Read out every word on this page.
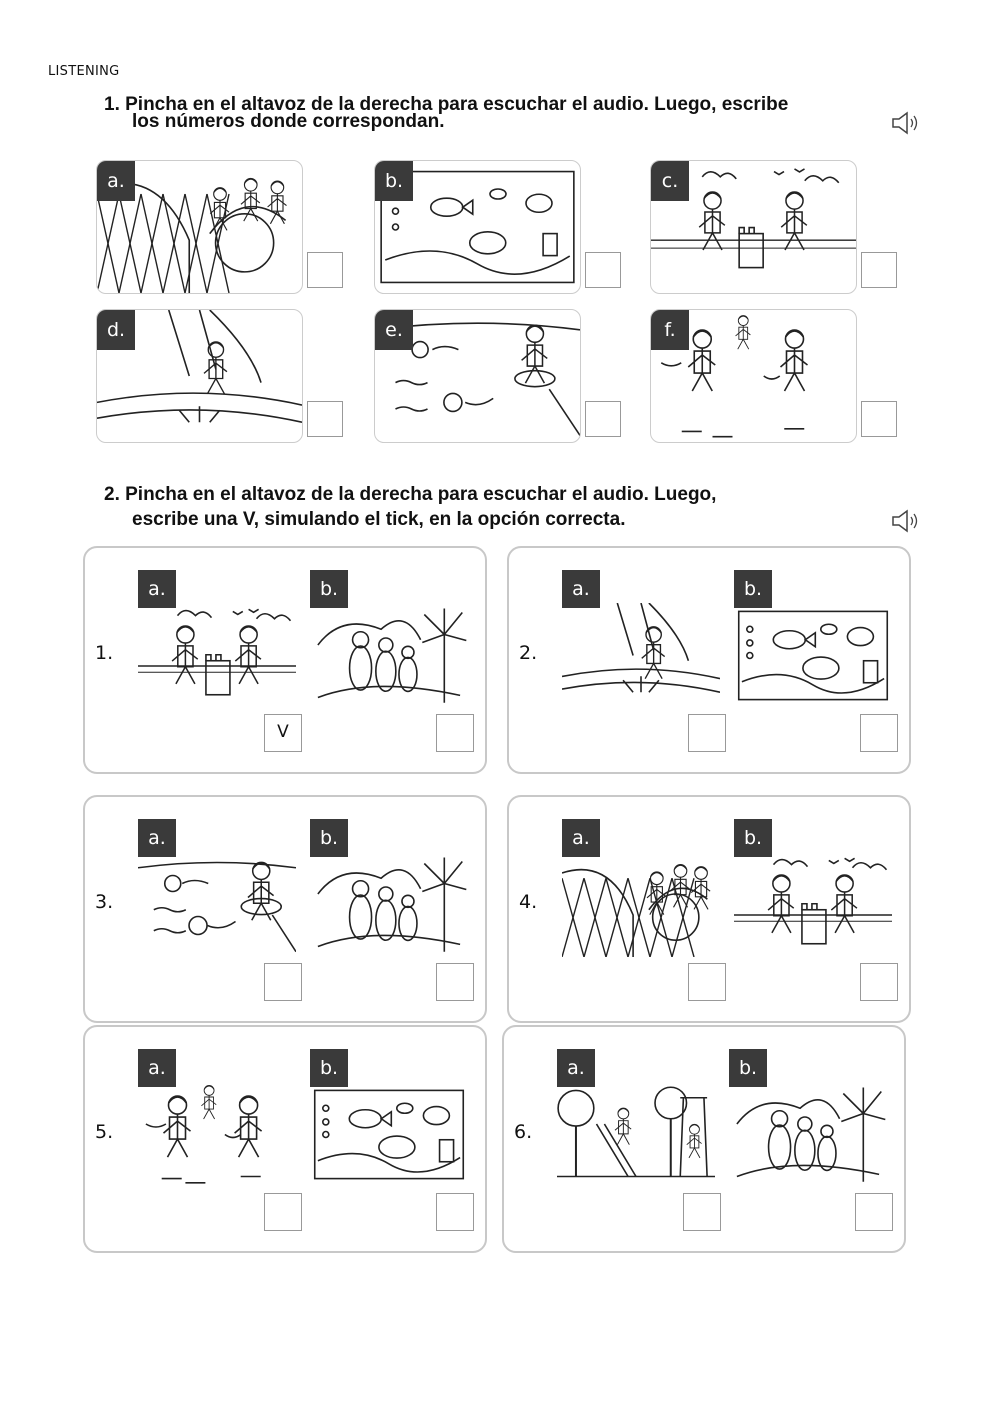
LISTENING
1. Pincha en el altavoz de la derecha para escuchar el audio. Luego, escribe
los números donde correspondan.
a.	b.	c.
d.	e.	f.
2. Pincha en el altavoz de la derecha para escuchar el audio. Luego,
escribe una V, simulando el tick, en la opción correcta.
1.
a.
V
b.
2.
a.	b.
3.
a.	b.
4.
a.	b.
5.
a.	b.
6.
a.	b.
